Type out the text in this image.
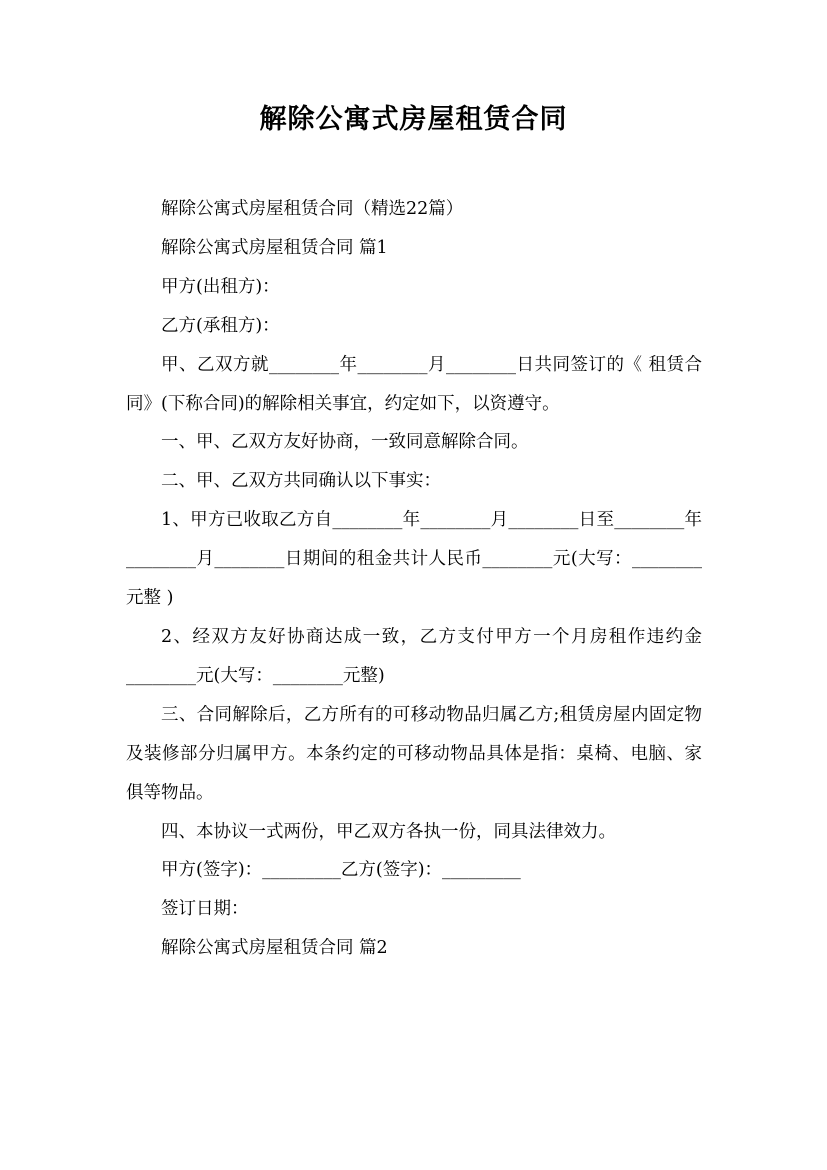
解除公寓式房屋租赁合同

解除公寓式房屋租赁合同（精选22篇）

解除公寓式房屋租赁合同 篇1

甲方(出租方)：

乙方(承租方)：

甲、乙双方就________年________月________日共同签订的《 租赁合同》(下称合同)的解除相关事宜，约定如下，以资遵守。

一、甲、乙双方友好协商，一致同意解除合同。

二、甲、乙双方共同确认以下事实：

1、甲方已收取乙方自________年________月________日至________年________月________日期间的租金共计人民币________元(大写：________元整 )

2、经双方友好协商达成一致，乙方支付甲方一个月房租作违约金________元(大写：________元整)

三、合同解除后，乙方所有的可移动物品归属乙方;租赁房屋内固定物及装修部分归属甲方。本条约定的可移动物品具体是指：桌椅、电脑、家俱等物品。

四、本协议一式两份，甲乙双方各执一份，同具法律效力。

甲方(签字)：_________乙方(签字)：_________

签订日期：

解除公寓式房屋租赁合同 篇2
